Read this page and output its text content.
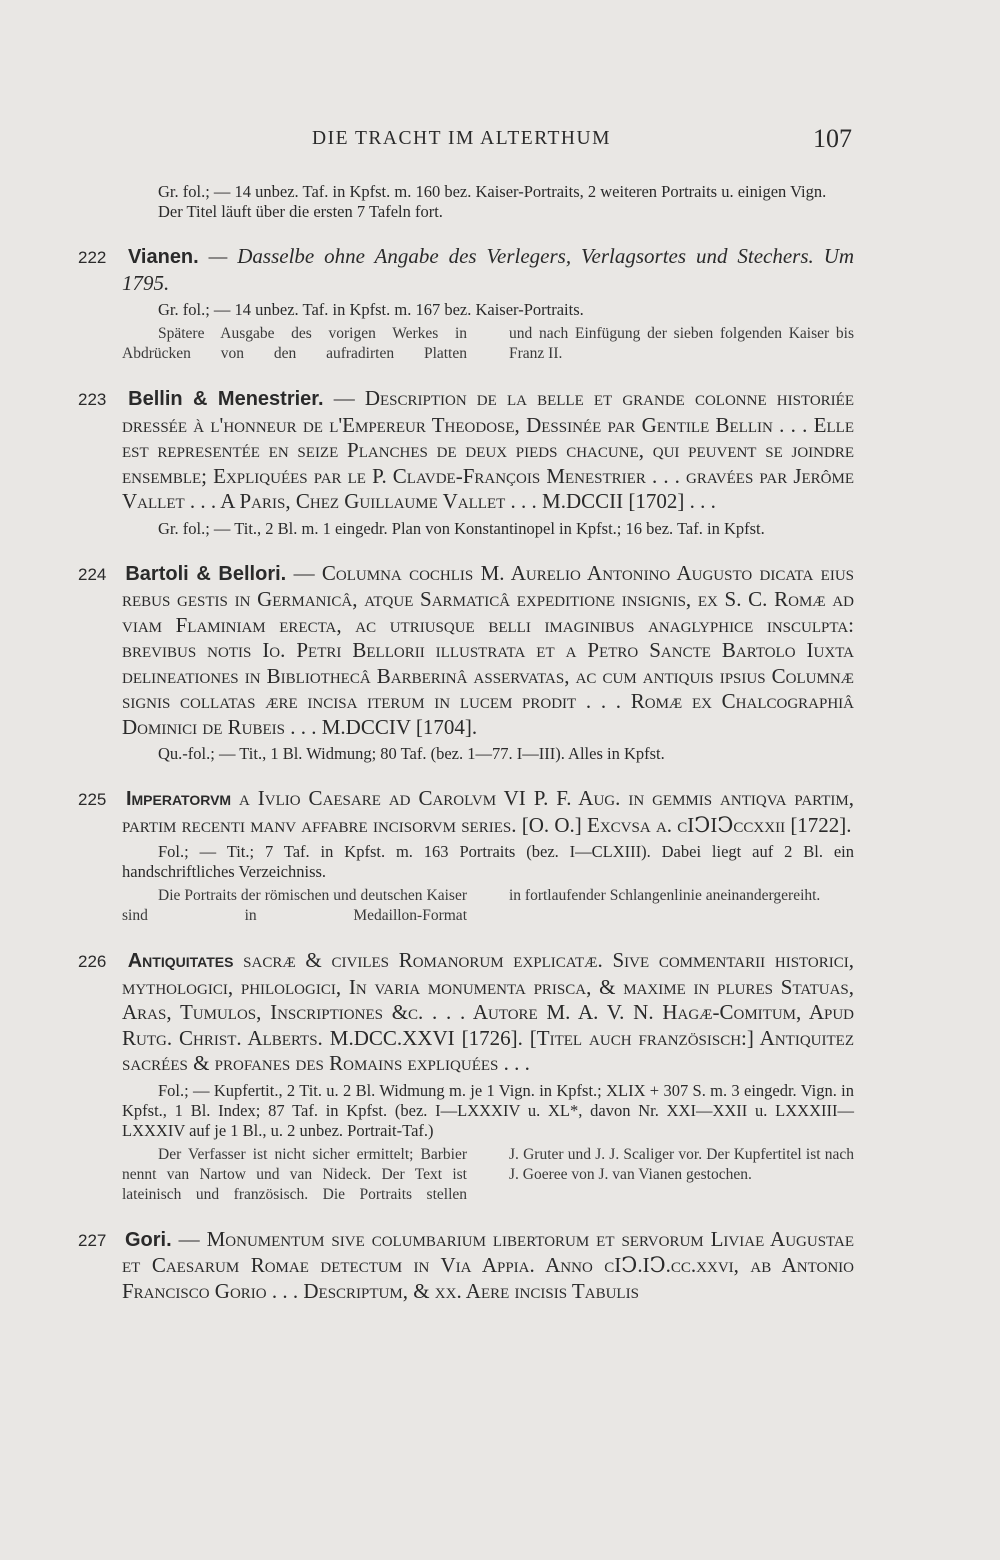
DIE TRACHT IM ALTERTHUM	107

Gr. fol.; — 14 unbez. Taf. in Kpfst. m. 160 bez. Kaiser-Portraits, 2 weiteren Portraits u. einigen Vign.

Der Titel läuft über die ersten 7 Tafeln fort.

222 Vianen. — Dasselbe ohne Angabe des Verlegers, Verlagsortes und Stechers. Um 1795.

Gr. fol.; — 14 unbez. Taf. in Kpfst. m. 167 bez. Kaiser-Portraits.

Spätere Ausgabe des vorigen Werkes in Abdrücken von den aufradirten Platten
und nach Einfügung der sieben folgenden Kaiser bis Franz II.

223 Bellin & Menestrier. — Description de la belle et grande colonne historiée dreſſée à l'honneur de l'Empereur Theodoſe, Deſſinée par Gentile Bellin . . . Elle eſt repreſentée en ſeize Planches de deux pieds chacune, qui peuvent ſe joindre enſemble; Expliquées par le P. Clavde-François Menestrier . . . gravées par Jerôme Vallet . . . A Paris, Chez Guillaume Vallet . . . M.DCCII [1702] . . .

Gr. fol.; — Tit., 2 Bl. m. 1 eingedr. Plan von Konstantinopel in Kpfst.; 16 bez. Taf. in Kpfst.

224 Bartoli & Bellori. — Columna cochlis M. Aurelio Antonino Augusto dicata eius rebus gestis in Germanicâ, atque Sarmaticâ expeditione insignis, ex S. C. Romæ ad viam Flaminiam erecta, ac utriusque belli imaginibus anaglyphice insculpta: brevibus notis Io. Petri Bellorii illustrata et a Petro Sancte Bartolo Iuxta delineationes in Bibliothecâ Barberinâ asservatas, ac cum antiquis ipsius Columnæ signis collatas ære incisa iterum in lucem prodit . . . Romæ ex Chalcographiâ Dominici de Rubeis . . . M.DCCIV [1704].

Qu.-fol.; — Tit., 1 Bl. Widmung; 80 Taf. (bez. 1—77. I—III). Alles in Kpfst.

225 Imperatorvm a Ivlio Caesare ad Carolvm VI P. F. Aug. in gemmis antiqva partim, partim recenti manv affabre incisorvm series. [O. O.] Excvsa a. cIↃIↃccxxii [1722].

Fol.; — Tit.; 7 Taf. in Kpfst. m. 163 Portraits (bez. I—CLXIII). Dabei liegt auf 2 Bl. ein handschriftliches Verzeichniss.

Die Portraits der römischen und deutschen Kaiser sind in Medaillon-Format
in fortlaufender Schlangenlinie aneinandergereiht.

226 Antiquitates sacræ & civiles Romanorum explicatæ. Sive commentarii historici, mythologici, philologici, In varia monumenta priſca, & maxime in plures Statuas, Aras, Tumulos, Inſcriptiones &c. . . . Autore M. A. V. N. Hagæ-Comitum, Apud Rutg. Christ. Alberts. M.DCC.XXVI [1726]. [Titel auch französisch:] Antiquitez sacrées & profanes des Romains expliquées . . .

Fol.; — Kupfertit., 2 Tit. u. 2 Bl. Widmung m. je 1 Vign. in Kpfst.; XLIX + 307 S. m. 3 eingedr. Vign. in Kpfst., 1 Bl. Index; 87 Taf. in Kpfst. (bez. I—LXXXIV u. XL*, davon Nr. XXI—XXII u. LXXXIII—LXXXIV auf je 1 Bl., u. 2 unbez. Portrait-Taf.)

Der Verfasser ist nicht sicher ermittelt; Barbier nennt van Nartow und van Nideck. Der Text ist lateinisch und französisch. Die Portraits stellen
J. Gruter und J. J. Scaliger vor. Der Kupfertitel ist nach J. Goeree von J. van Vianen gestochen.

227 Gori. — Monumentum sive columbarium libertorum et servorum Liviae Augustae et Caesarum Romae detectum in Via Appia. Anno cIↃ.IↃ.cc.xxvi, ab Antonio Francisco Gorio . . . Deſcriptum, & xx. Aere inciſis Tabulis
